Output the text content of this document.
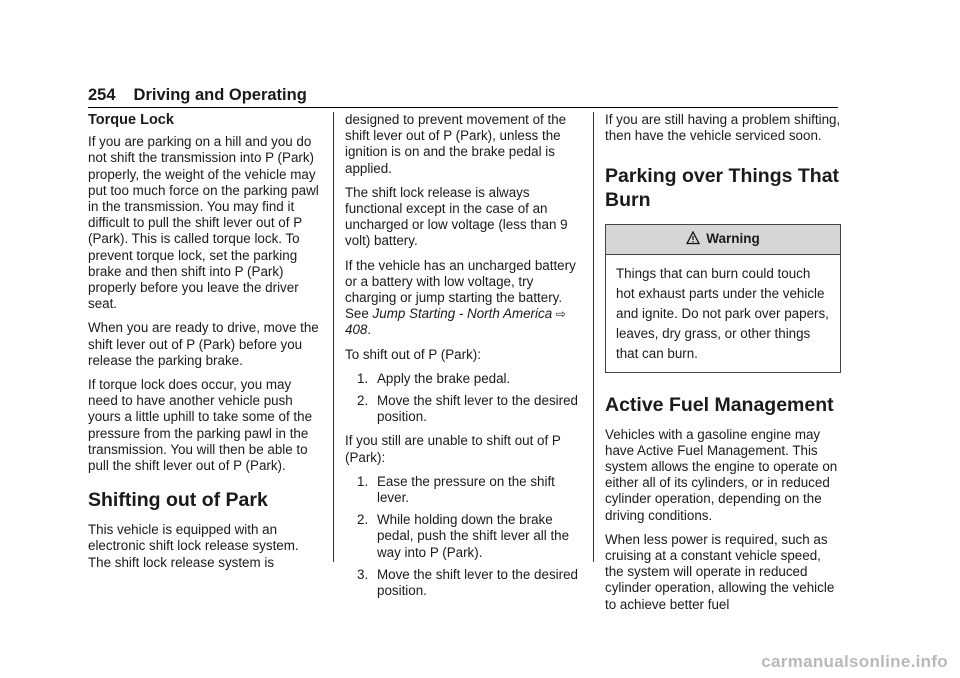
254 Driving and Operating
Torque Lock

If you are parking on a hill and you do not shift the transmission into P (Park) properly, the weight of the vehicle may put too much force on the parking pawl in the transmission. You may find it difficult to pull the shift lever out of P (Park). This is called torque lock. To prevent torque lock, set the parking brake and then shift into P (Park) properly before you leave the driver seat.

When you are ready to drive, move the shift lever out of P (Park) before you release the parking brake.

If torque lock does occur, you may need to have another vehicle push yours a little uphill to take some of the pressure from the parking pawl in the transmission. You will then be able to pull the shift lever out of P (Park).

Shifting out of Park

This vehicle is equipped with an electronic shift lock release system. The shift lock release system is

designed to prevent movement of the shift lever out of P (Park), unless the ignition is on and the brake pedal is applied.

The shift lock release is always functional except in the case of an uncharged or low voltage (less than 9 volt) battery.

If the vehicle has an uncharged battery or a battery with low voltage, try charging or jump starting the battery. See Jump Starting - North America ⇨ 408.

To shift out of P (Park):

1. Apply the brake pedal.
2. Move the shift lever to the desired position.

If you still are unable to shift out of P (Park):

1. Ease the pressure on the shift lever.
2. While holding down the brake pedal, push the shift lever all the way into P (Park).
3. Move the shift lever to the desired position.

If you are still having a problem shifting, then have the vehicle serviced soon.

Parking over Things That Burn
Warning
Things that can burn could touch hot exhaust parts under the vehicle and ignite. Do not park over papers, leaves, dry grass, or other things that can burn.
Active Fuel Management

Vehicles with a gasoline engine may have Active Fuel Management. This system allows the engine to operate on either all of its cylinders, or in reduced cylinder operation, depending on the driving conditions.

When less power is required, such as cruising at a constant vehicle speed, the system will operate in reduced cylinder operation, allowing the vehicle to achieve better fuel

carmanualsonline.info
